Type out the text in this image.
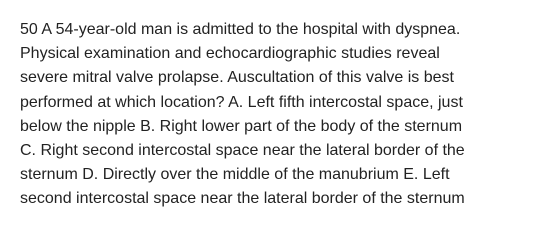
50 A 54-year-old man is admitted to the hospital with dyspnea.
Physical examination and echocardiographic studies reveal
severe mitral valve prolapse. Auscultation of this valve is best
performed at which location? A. Left fifth intercostal space, just
below the nipple B. Right lower part of the body of the sternum
C. Right second intercostal space near the lateral border of the
sternum D. Directly over the middle of the manubrium E. Left
second intercostal space near the lateral border of the sternum
